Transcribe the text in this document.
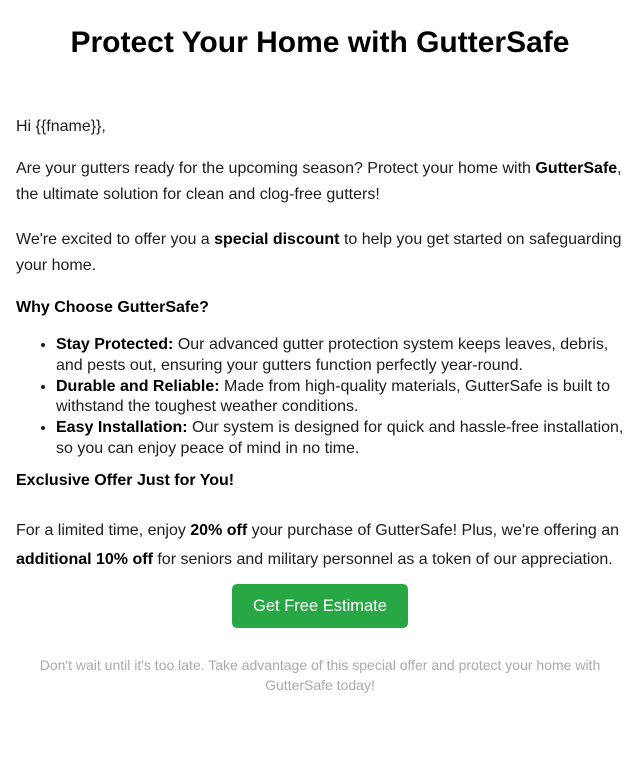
Protect Your Home with GutterSafe

Hi {{fname}},

Are your gutters ready for the upcoming season? Protect your home with GutterSafe, the ultimate solution for clean and clog-free gutters!

We're excited to offer you a special discount to help you get started on safeguarding your home.

Why Choose GutterSafe?
• Stay Protected: Our advanced gutter protection system keeps leaves, debris, and pests out, ensuring your gutters function perfectly year-round.
• Durable and Reliable: Made from high-quality materials, GutterSafe is built to withstand the toughest weather conditions.
• Easy Installation: Our system is designed for quick and hassle-free installation, so you can enjoy peace of mind in no time.
Exclusive Offer Just for You!

For a limited time, enjoy 20% off your purchase of GutterSafe! Plus, we're offering an additional 10% off for seniors and military personnel as a token of our appreciation.

Get Free Estimate

Don't wait until it's too late. Take advantage of this special offer and protect your home with GutterSafe today!
